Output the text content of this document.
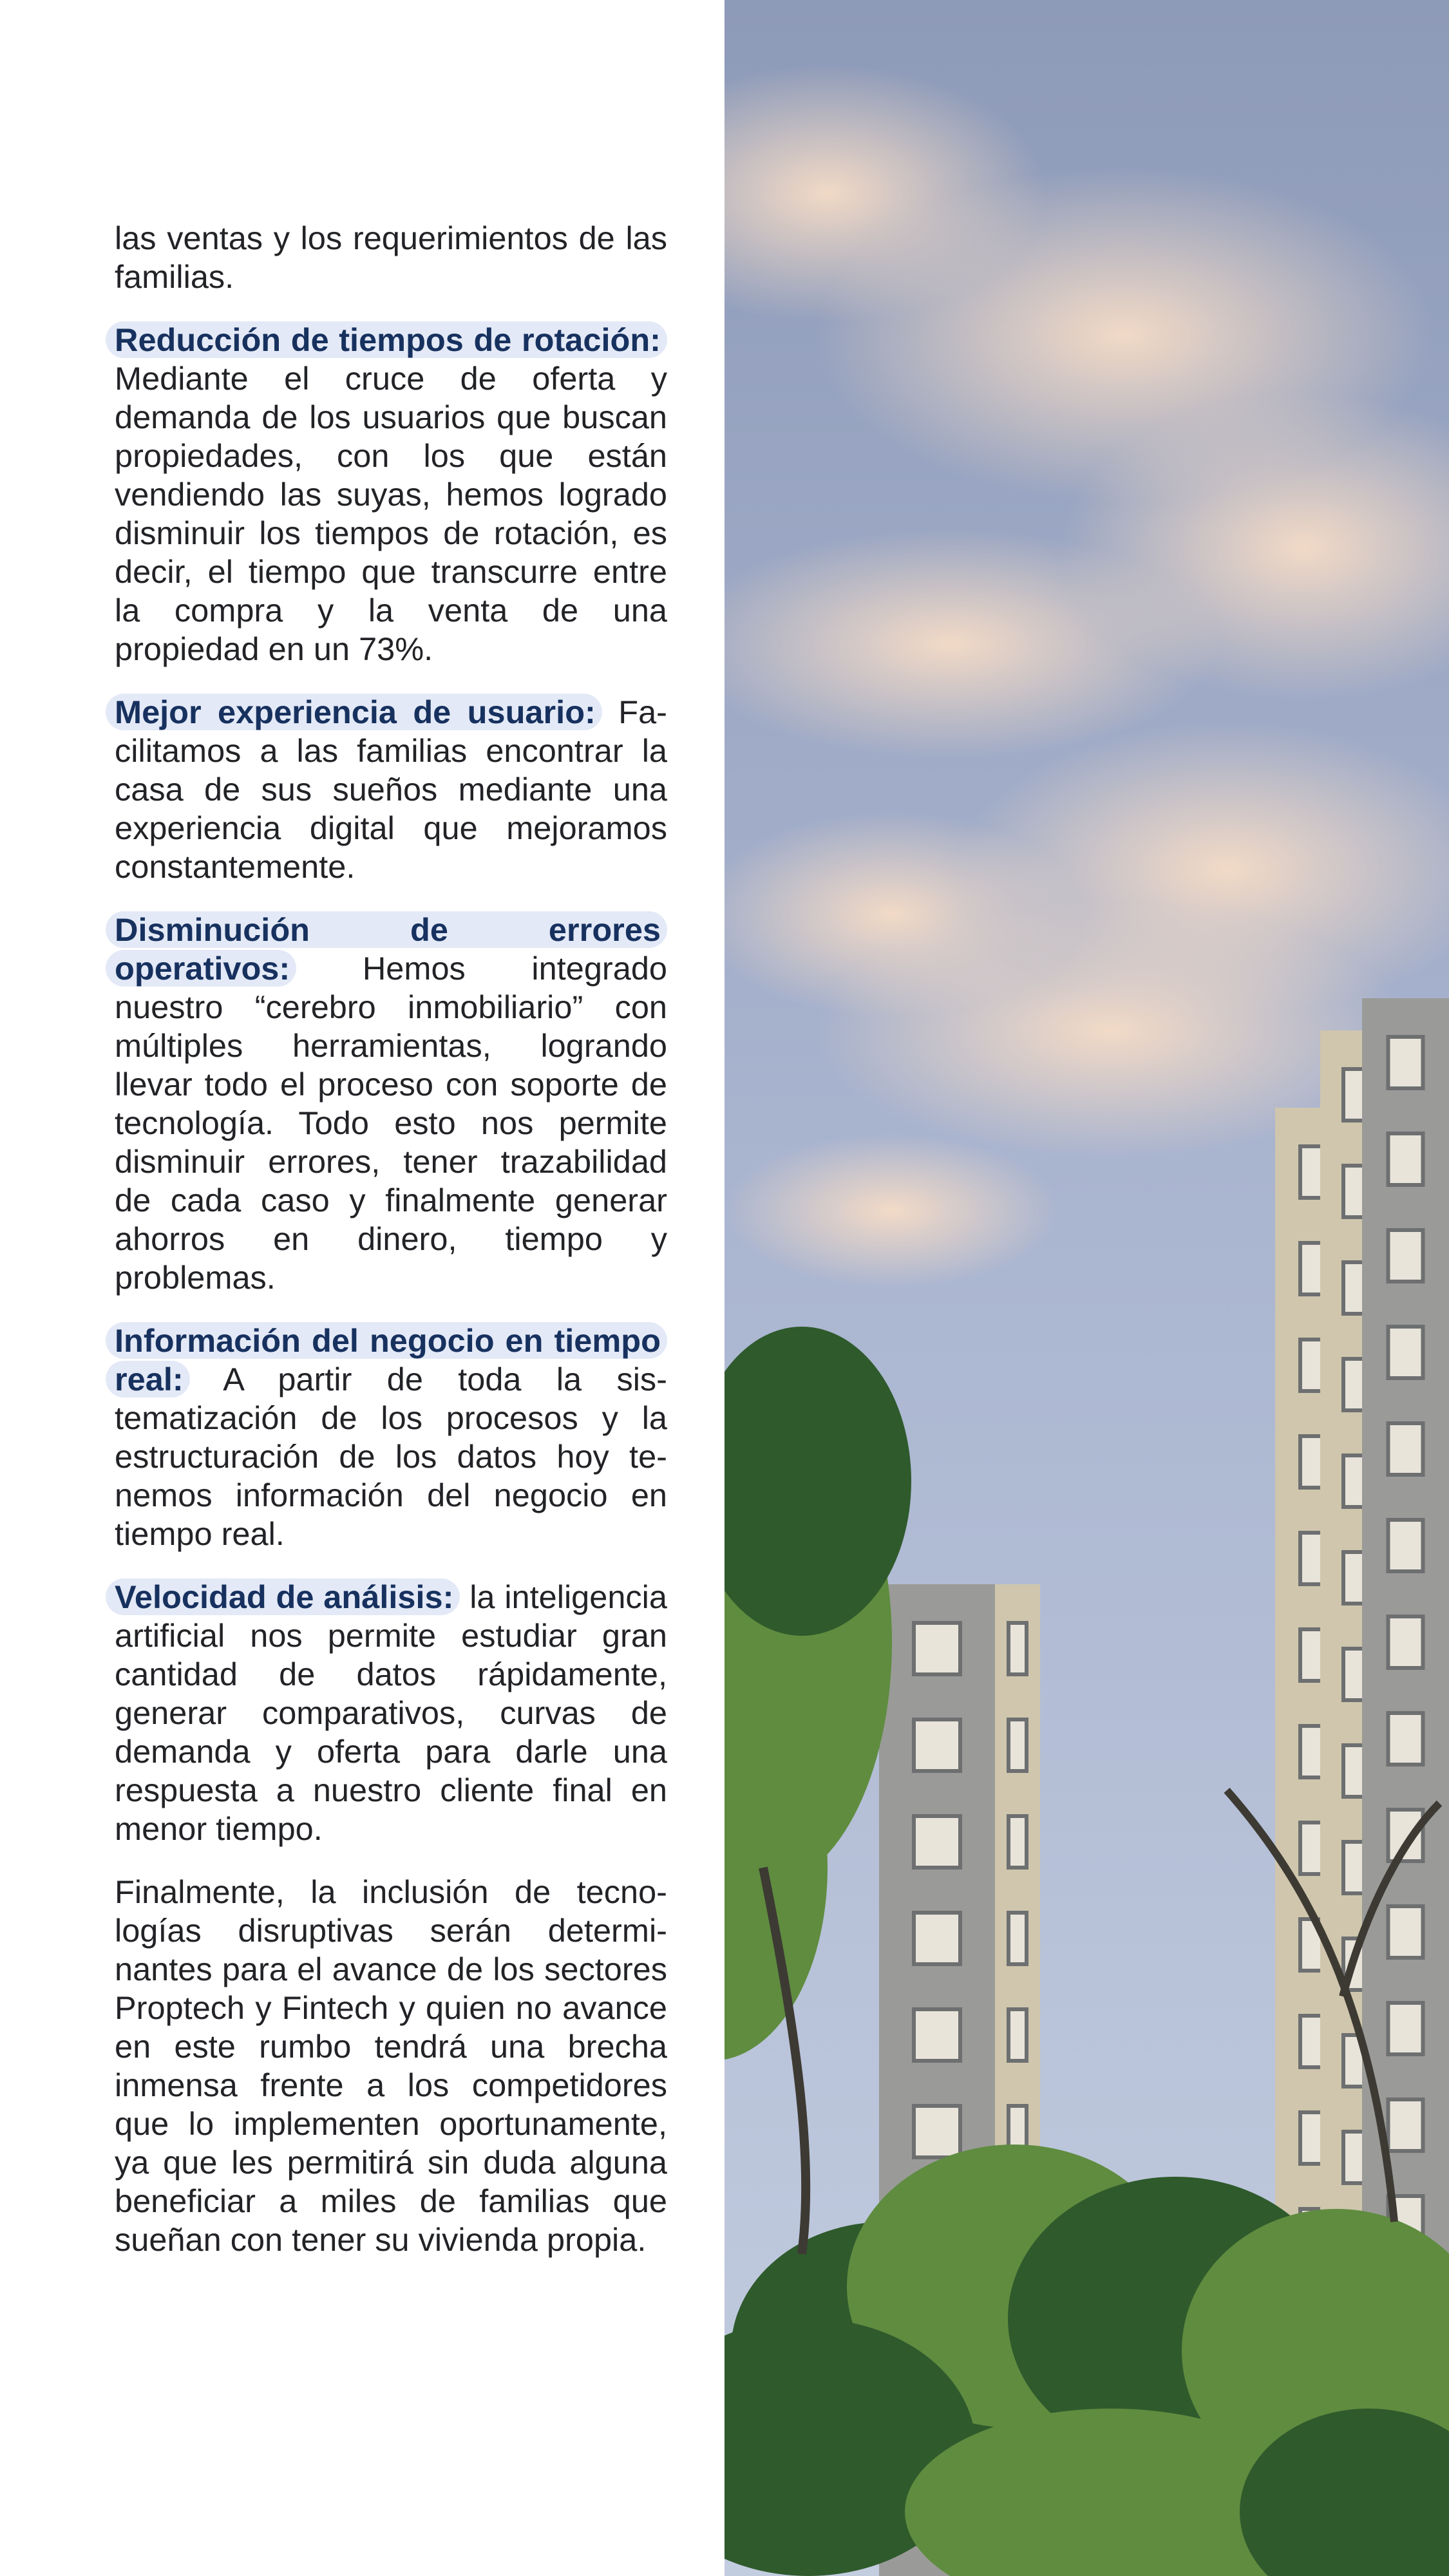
las ventas y los requerimientos de las familias.

Reducción de tiempos de rotación: Mediante el cruce de oferta y demanda de los usuarios que buscan propiedades, con los que están vendiendo las suyas, hemos logrado disminuir los tiempos de rotación, es decir, el tiempo que transcurre entre la compra y la venta de una propiedad en un 73%.

Mejor experiencia de usuario: Facilitamos a las familias encontrar la casa de sus sueños mediante una experiencia digital que mejoramos constantemente.

Disminución de errores operativos: Hemos integrado nuestro “cerebro inmobiliario” con múltiples herramientas, logrando llevar todo el proceso con soporte de tecnología. Todo esto nos permite disminuir errores, tener trazabilidad de cada caso y finalmente generar ahorros en dinero, tiempo y problemas.

Información del negocio en tiempo real: A partir de toda la sistematización de los procesos y la estructuración de los datos hoy tenemos información del negocio en tiempo real.

Velocidad de análisis: la inteligencia artificial nos permite estudiar gran cantidad de datos rápidamente, generar comparativos, curvas de demanda y oferta para darle una respuesta a nuestro cliente final en menor tiempo.

Finalmente, la inclusión de tecnologías disruptivas serán determinantes para el avance de los sectores Proptech y Fintech y quien no avance en este rumbo tendrá una brecha inmensa frente a los competidores que lo implementen oportunamente, ya que les permitirá sin duda alguna beneficiar a miles de familias que sueñan con tener su vivienda propia.
